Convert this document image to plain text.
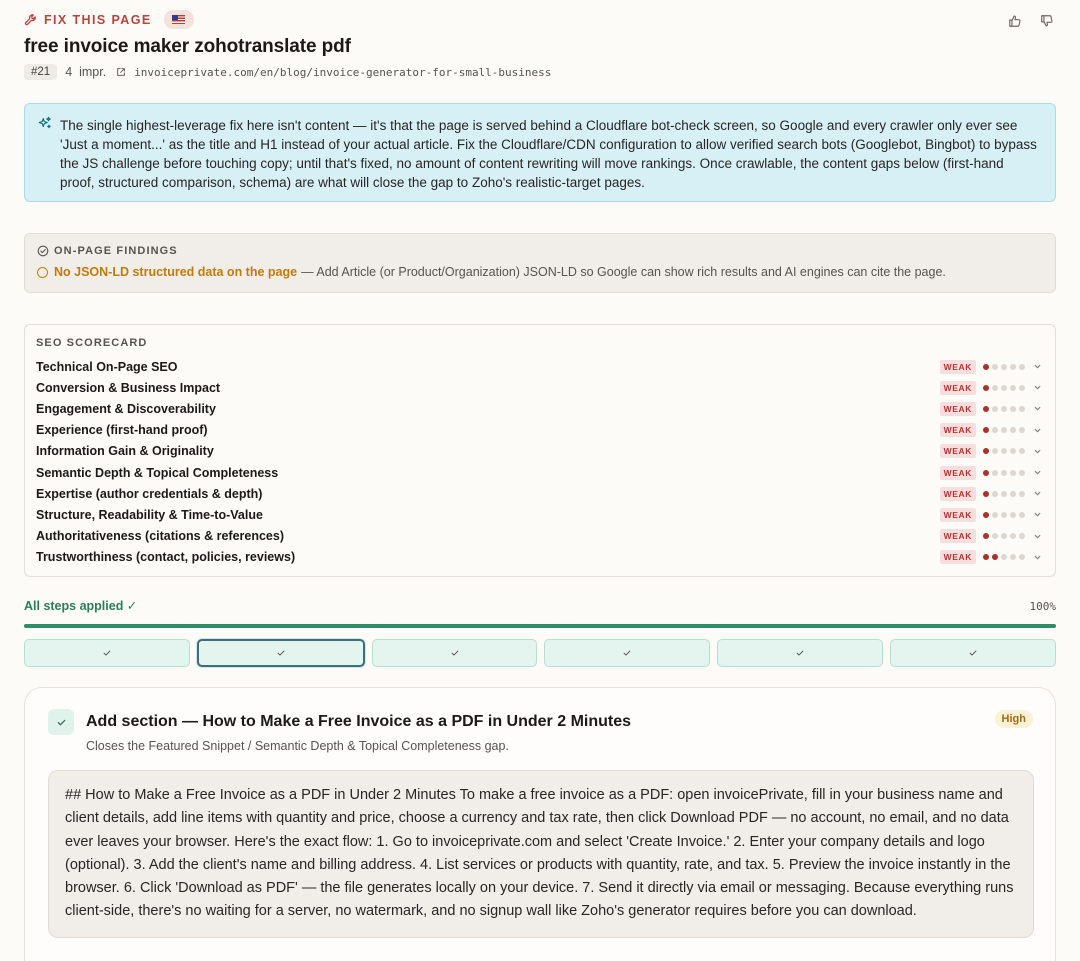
FIX THIS PAGE
free invoice maker zohotranslate pdf
#21	4 impr.	invoiceprivate.com/en/blog/invoice-generator-for-small-business

The single highest-leverage fix here isn't content — it's that the page is served behind a Cloudflare bot-check screen, so Google and every crawler only ever see 'Just a moment...' as the title and H1 instead of your actual article. Fix the Cloudflare/CDN configuration to allow verified search bots (Googlebot, Bingbot) to bypass the JS challenge before touching copy; until that's fixed, no amount of content rewriting will move rankings. Once crawlable, the content gaps below (first-hand proof, structured comparison, schema) are what will close the gap to Zoho's realistic-target pages.

ON-PAGE FINDINGS
No JSON-LD structured data on the page — Add Article (or Product/Organization) JSON-LD so Google can show rich results and AI engines can cite the page.
SEO SCORECARD
Technical On-Page SEO	WEAK
Conversion & Business Impact	WEAK
Engagement & Discoverability	WEAK
Experience (first-hand proof)	WEAK
Information Gain & Originality	WEAK
Semantic Depth & Topical Completeness	WEAK
Expertise (author credentials & depth)	WEAK
Structure, Readability & Time-to-Value	WEAK
Authoritativeness (citations & references)	WEAK
Trustworthiness (contact, policies, reviews)	WEAK
All steps applied ✓	100%
Add section — How to Make a Free Invoice as a PDF in Under 2 Minutes
Closes the Featured Snippet / Semantic Depth & Topical Completeness gap.
High
## How to Make a Free Invoice as a PDF in Under 2 Minutes To make a free invoice as a PDF: open invoicePrivate, fill in your business name and client details, add line items with quantity and price, choose a currency and tax rate, then click Download PDF — no account, no email, and no data ever leaves your browser. Here's the exact flow: 1. Go to invoiceprivate.com and select 'Create Invoice.' 2. Enter your company details and logo (optional). 3. Add the client's name and billing address. 4. List services or products with quantity, rate, and tax. 5. Preview the invoice instantly in the browser. 6. Click 'Download as PDF' — the file generates locally on your device. 7. Send it directly via email or messaging. Because everything runs client-side, there's no waiting for a server, no watermark, and no signup wall like Zoho's generator requires before you can download.
